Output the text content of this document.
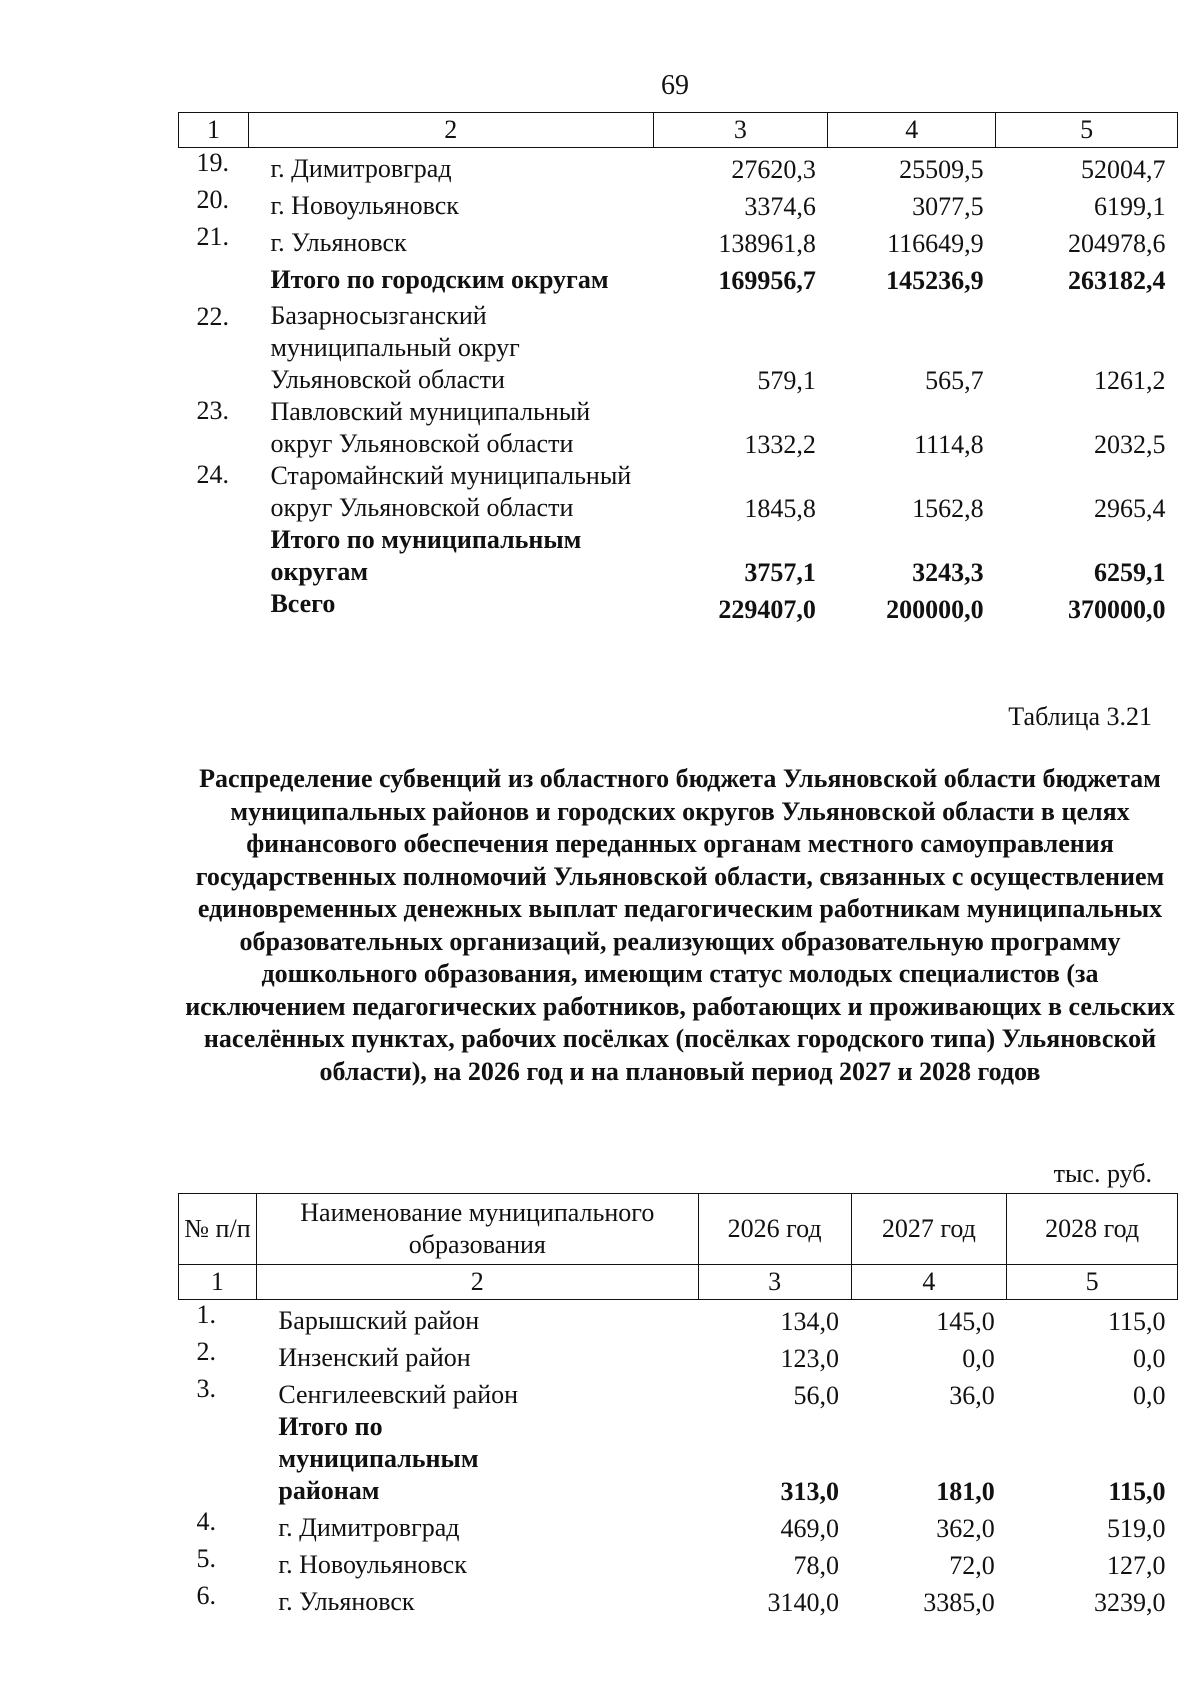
69
1	2	3	4	5
19.	г. Димитровград	27620,3	25509,5	52004,7
20.	г. Новоульяновск	3374,6	3077,5	6199,1
21.	г. Ульяновск	138961,8	116649,9	204978,6
	Итого по городским округам	169956,7	145236,9	263182,4
22.	Базарносызганский муниципальный округ Ульяновской области	579,1	565,7	1261,2
23.	Павловский муниципальный округ Ульяновской области	1332,2	1114,8	2032,5
24.	Старомайнский муниципальный округ Ульяновской области	1845,8	1562,8	2965,4
	Итого по муниципальным округам	3757,1	3243,3	6259,1
	Всего	229407,0	200000,0	370000,0
Таблица 3.21
Распределение субвенций из областного бюджета Ульяновской области бюджетам муниципальных районов и городских округов Ульяновской области в целях финансового обеспечения переданных органам местного самоуправления государственных полномочий Ульяновской области, связанных с осуществлением единовременных денежных выплат педагогическим работникам муниципальных образовательных организаций, реализующих образовательную программу дошкольного образования, имеющим статус молодых специалистов (за исключением педагогических работников, работающих и проживающих в сельских населённых пунктах, рабочих посёлках (посёлках городского типа) Ульяновской области), на 2026 год и на плановый период 2027 и 2028 годов
тыс. руб.
№ п/п	Наименование муниципального образования	2026 год	2027 год	2028 год
1	2	3	4	5
1.	Барышский район	134,0	145,0	115,0
2.	Инзенский район	123,0	0,0	0,0
3.	Сенгилеевский район	56,0	36,0	0,0
	Итого по муниципальным районам	313,0	181,0	115,0
4.	г. Димитровград	469,0	362,0	519,0
5.	г. Новоульяновск	78,0	72,0	127,0
6.	г. Ульяновск	3140,0	3385,0	3239,0
